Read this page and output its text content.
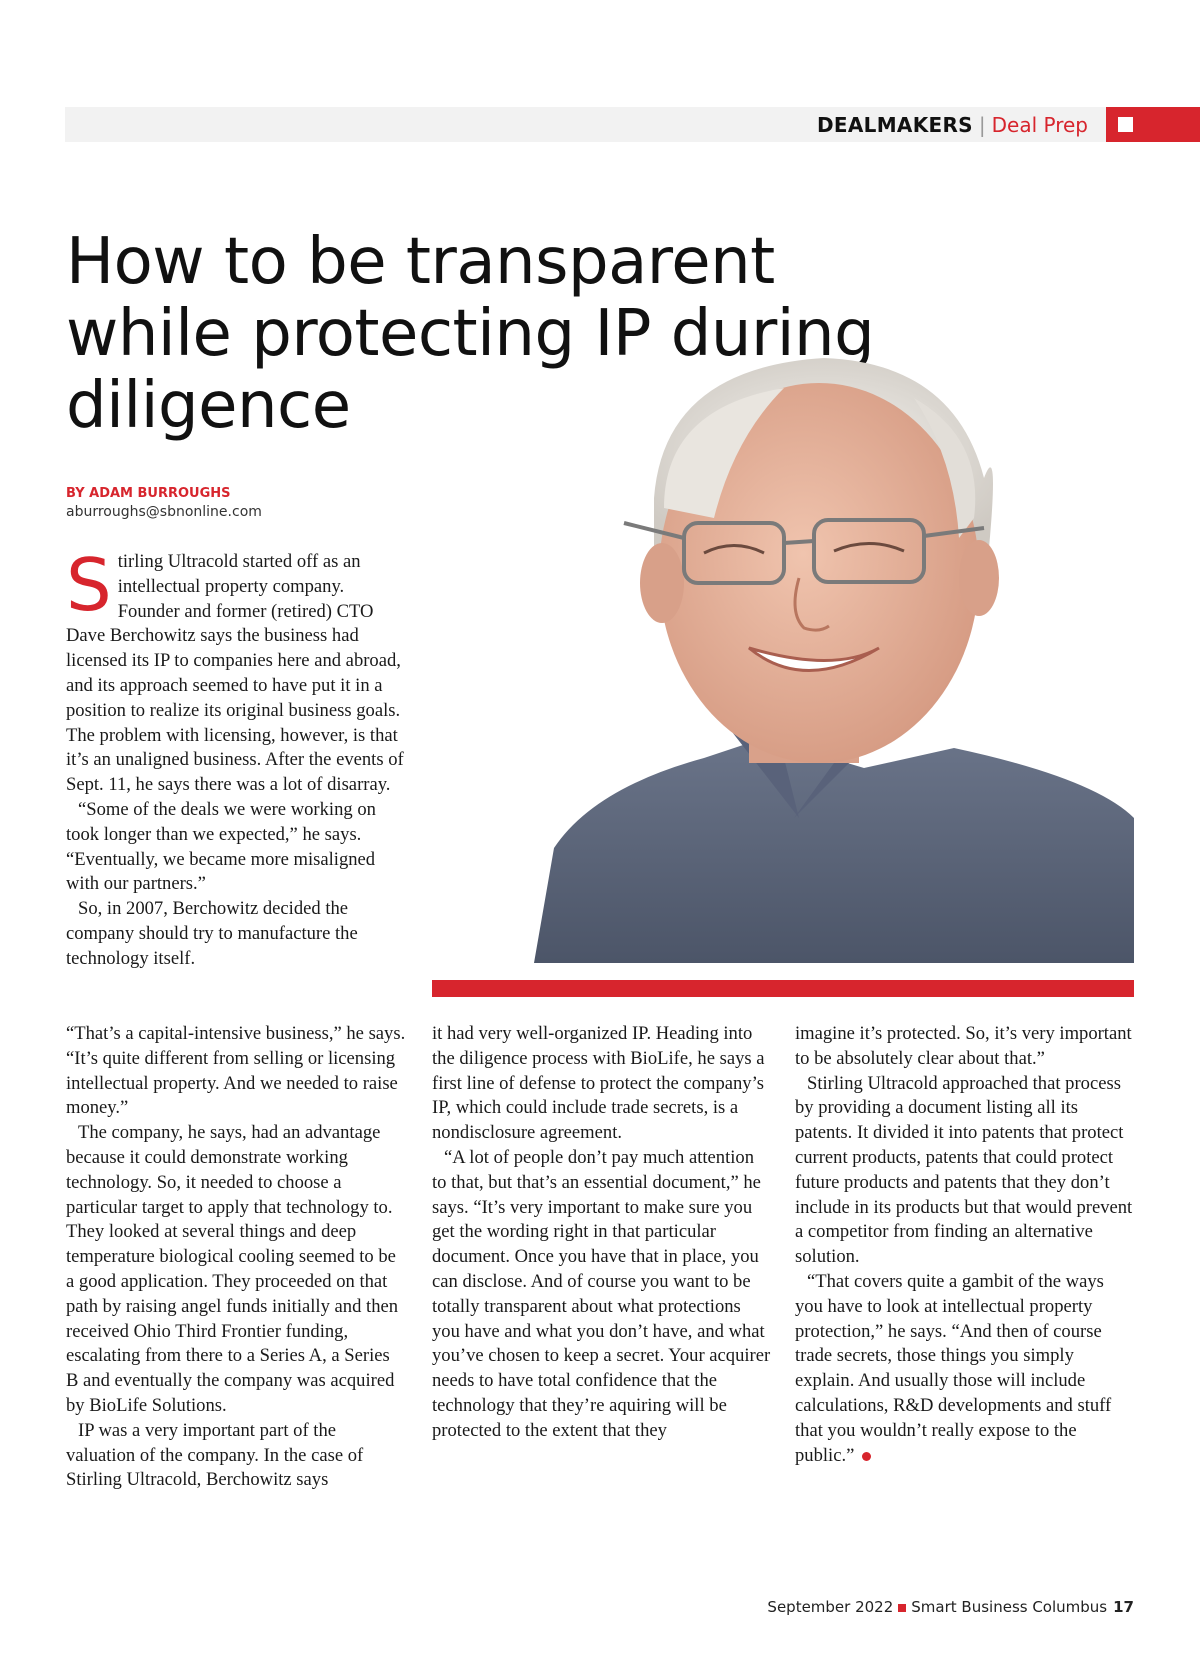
DEALMAKERS | Deal Prep
How to be transparent while protecting IP during diligence
BY ADAM BURROUGHS
aburroughs@sbnonline.com

Stirling Ultracold started off as an intellectual property company. Founder and former (retired) CTO Dave Berchowitz says the business had licensed its IP to companies here and abroad, and its approach seemed to have put it in a position to realize its original business goals. The problem with licensing, however, is that it’s an unaligned business. After the events of Sept. 11, he says there was a lot of disarray.

“Some of the deals we were working on took longer than we expected,” he says. “Eventually, we became more misaligned with our partners.”

So, in 2007, Berchowitz decided the company should try to manufacture the technology itself.

“That’s a capital-intensive business,” he says. “It’s quite different from selling or licensing intellectual property. And we needed to raise money.”

The company, he says, had an advantage because it could demonstrate working technology. So, it needed to choose a particular target to apply that technology to. They looked at several things and deep temperature biological cooling seemed to be a good application. They proceeded on that path by raising angel funds initially and then received Ohio Third Frontier funding, escalating from there to a Series A, a Series B and eventually the company was acquired by BioLife Solutions.

IP was a very important part of the valuation of the company. In the case of Stirling Ultracold, Berchowitz says

it had very well-organized IP. Heading into the diligence process with BioLife, he says a first line of defense to protect the company’s IP, which could include trade secrets, is a nondisclosure agreement.

“A lot of people don’t pay much attention to that, but that’s an essential document,” he says. “It’s very important to make sure you get the wording right in that particular document. Once you have that in place, you can disclose. And of course you want to be totally transparent about what protections you have and what you don’t have, and what you’ve chosen to keep a secret. Your acquirer needs to have total confidence that the technology that they’re aquiring will be protected to the extent that they

imagine it’s protected. So, it’s very important to be absolutely clear about that.”

Stirling Ultracold approached that process by providing a document listing all its patents. It divided it into patents that protect current products, patents that could protect future products and patents that they don’t include in its products but that would prevent a competitor from finding an alternative solution.

“That covers quite a gambit of the ways you have to look at intellectual property protection,” he says. “And then of course trade secrets, those things you simply explain. And usually those will include calculations, R&D developments and stuff that you wouldn’t really expose to the public.”

September 2022 Smart Business Columbus 17
